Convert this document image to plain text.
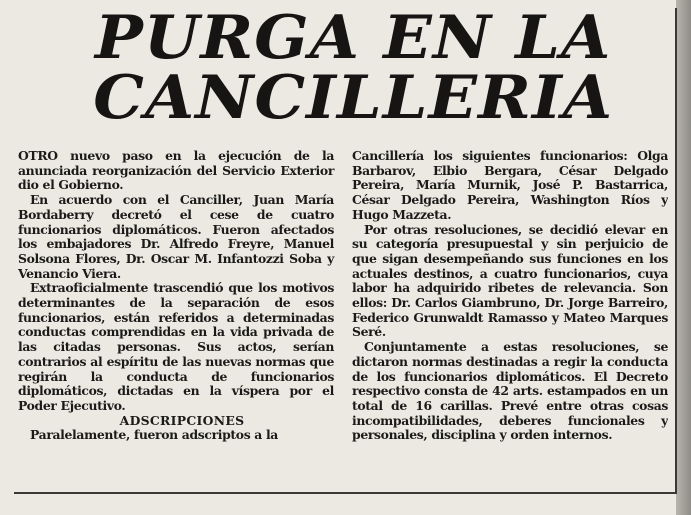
PURGA EN LA
CANCILLERIA

OTRO nuevo paso en la ejecución de la anunciada reorganización del Servicio Exterior dio el Gobierno.

En acuerdo con el Canciller, Juan María Bordaberry decretó el cese de cuatro funcionarios diplomáticos. Fueron afectados los embajadores Dr. Alfredo Freyre, Manuel Solsona Flores, Dr. Oscar M. Infantozzi Soba y Venancio Viera.

Extraoficialmente trascendió que los motivos determinantes de la separación de esos funcionarios, están referidos a determinadas conductas comprendidas en la vida privada de las citadas personas. Sus actos, serían contrarios al espíritu de las nuevas normas que regirán la conducta de funcionarios diplomáticos, dictadas en la víspera por el Poder Ejecutivo.

ADSCRIPCIONES

Paralelamente, fueron adscriptos a la

Cancillería los siguientes funcionarios: Olga Barbarov, Elbio Bergara, César Delgado Pereira, María Murnik, José P. Bastarrica, César Delgado Pereira, Washington Ríos y Hugo Mazzeta.

Por otras resoluciones, se decidió elevar en su categoría presupuestal y sin perjuicio de que sigan desempeñando sus funciones en los actuales destinos, a cuatro funcionarios, cuya labor ha adquirido ribetes de relevancia. Son ellos: Dr. Carlos Giambruno, Dr. Jorge Barreiro, Federico Grunwaldt Ramasso y Mateo Marques Seré.

Conjuntamente a estas resoluciones, se dictaron normas destinadas a regir la conducta de los funcionarios diplomáticos. El Decreto respectivo consta de 42 arts. estampados en un total de 16 carillas. Prevé entre otras cosas incompatibilidades, deberes funcionales y personales, disciplina y orden internos.
